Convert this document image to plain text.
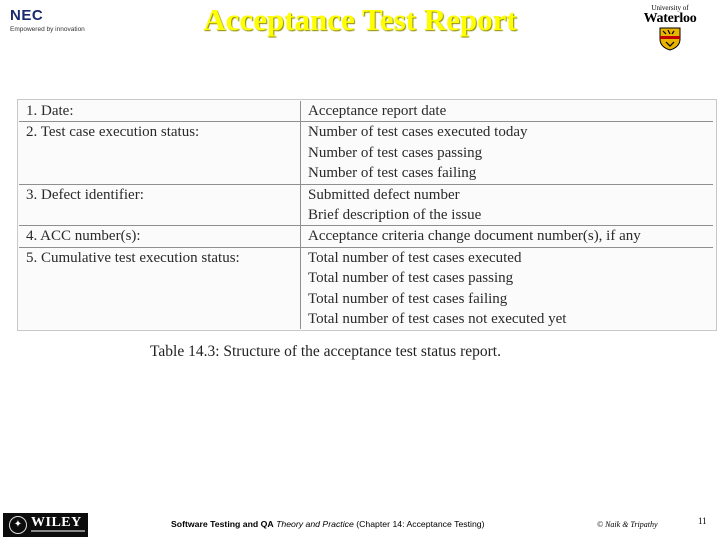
NEC
Empowered by innovation	Acceptance Test Report	University of
Waterloo
1. Date:	Acceptance report date

2. Test case execution status:	Number of test cases executed today
Number of test cases passing
Number of test cases failing

3. Defect identifier:	Submitted defect number
Brief description of the issue

4. ACC number(s):	Acceptance criteria change document number(s), if any

5. Cumulative test execution status:	Total number of test cases executed
Total number of test cases passing
Total number of test cases failing
Total number of test cases not executed yet
Table 14.3: Structure of the acceptance test status report.
✦ WILEY	Software Testing and QA Theory and Practice (Chapter 14: Acceptance Testing)	© Naik & Tripathy	11
